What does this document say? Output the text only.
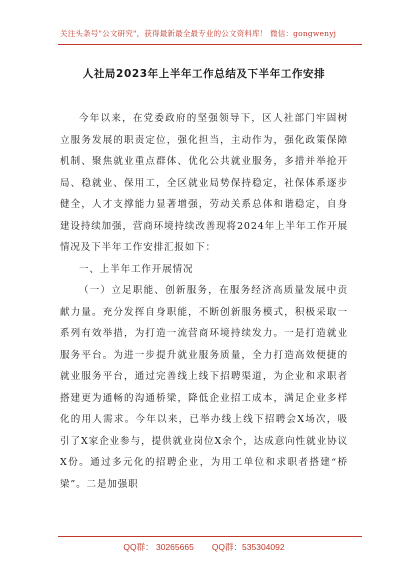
关注头条号"公文研究"，获得最新最全最专业的公文资料库！ 微信：gongwenyj
人社局2023年上半年工作总结及下半年工作安排

今年以来，在党委政府的坚强领导下，区人社部门牢固树立服务发展的职责定位，强化担当，主动作为，强化政策保障机制、聚焦就业重点群体、优化公共就业服务，多措并举抢开局、稳就业、保用工，全区就业局势保持稳定，社保体系逐步健全，人才支撑能力显著增强，劳动关系总体和谐稳定，自身建设持续加强，营商环境持续改善现将2024年上半年工作开展情况及下半年工作安排汇报如下：

一、上半年工作开展情况

（一）立足职能、创新服务，在服务经济高质量发展中贡献力量。充分发挥自身职能，不断创新服务模式，积极采取一系列有效举措，为打造一流营商环境持续发力。一是打造就业服务平台。为进一步提升就业服务质量，全力打造高效便捷的就业服务平台，通过完善线上线下招聘渠道，为企业和求职者搭建更为通畅的沟通桥梁，降低企业招工成本，满足企业多样化的用人需求。今年以来，已举办线上线下招聘会X场次，吸引了X家企业参与，提供就业岗位X余个，达成意向性就业协议X份。通过多元化的招聘企业，为用工单位和求职者搭建“桥梁”。二是加强职

QQ群： 30265665 QQ群：535304092
